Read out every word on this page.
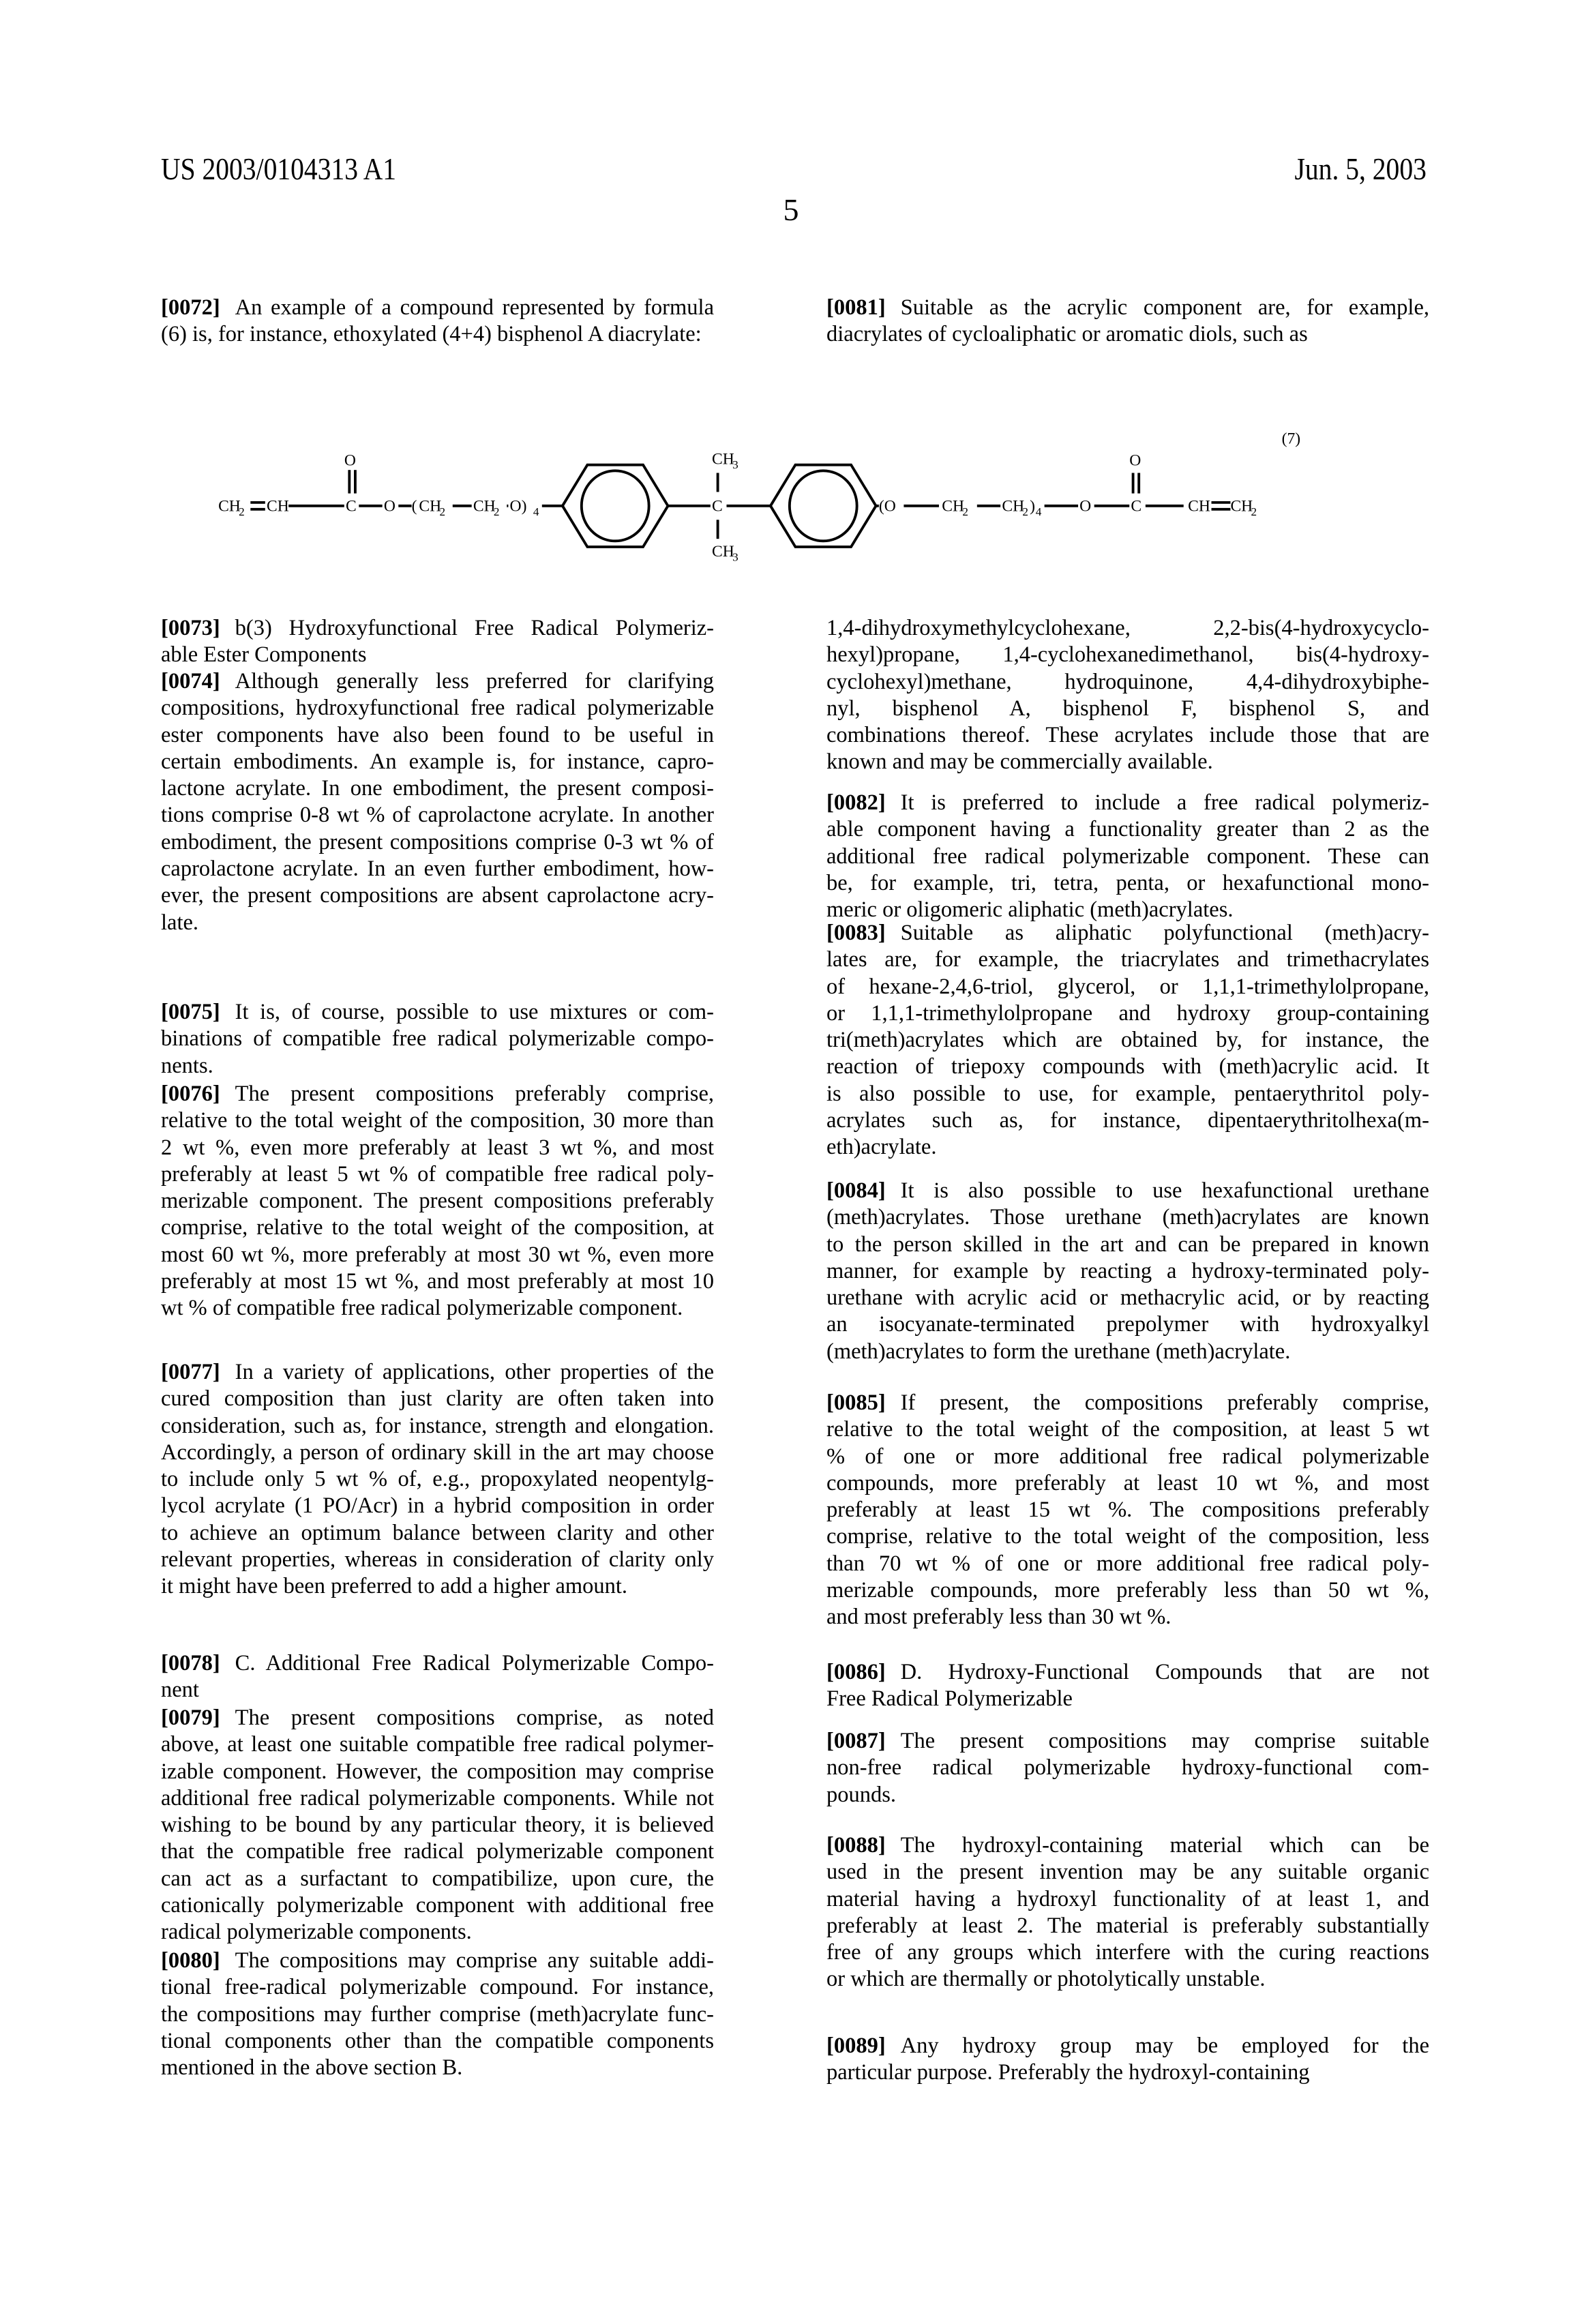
US 2003/0104313 A1	Jun. 5, 2003
5
[0072] An example of a compound represented by formula
(6) is, for instance, ethoxylated (4+4) bisphenol A diacrylate:
[0073] b(3) Hydroxyfunctional Free Radical Polymeriz-
able Ester Components
[0074] Although generally less preferred for clarifying
compositions, hydroxyfunctional free radical polymerizable
ester components have also been found to be useful in
certain embodiments. An example is, for instance, capro-
lactone acrylate. In one embodiment, the present composi-
tions comprise 0-8 wt % of caprolactone acrylate. In another
embodiment, the present compositions comprise 0-3 wt % of
caprolactone acrylate. In an even further embodiment, how-
ever, the present compositions are absent caprolactone acry-
late.
[0075] It is, of course, possible to use mixtures or com-
binations of compatible free radical polymerizable compo-
nents.
[0076] The present compositions preferably comprise,
relative to the total weight of the composition, 30 more than
2 wt %, even more preferably at least 3 wt %, and most
preferably at least 5 wt % of compatible free radical poly-
merizable component. The present compositions preferably
comprise, relative to the total weight of the composition, at
most 60 wt %, more preferably at most 30 wt %, even more
preferably at most 15 wt %, and most preferably at most 10
wt % of compatible free radical polymerizable component.
[0077] In a variety of applications, other properties of the
cured composition than just clarity are often taken into
consideration, such as, for instance, strength and elongation.
Accordingly, a person of ordinary skill in the art may choose
to include only 5 wt % of, e.g., propoxylated neopentylg-
lycol acrylate (1 PO/Acr) in a hybrid composition in order
to achieve an optimum balance between clarity and other
relevant properties, whereas in consideration of clarity only
it might have been preferred to add a higher amount.
[0078] C. Additional Free Radical Polymerizable Compo-
nent
[0079] The present compositions comprise, as noted
above, at least one suitable compatible free radical polymer-
izable component. However, the composition may comprise
additional free radical polymerizable components. While not
wishing to be bound by any particular theory, it is believed
that the compatible free radical polymerizable component
can act as a surfactant to compatibilize, upon cure, the
cationically polymerizable component with additional free
radical polymerizable components.
[0080] The compositions may comprise any suitable addi-
tional free-radical polymerizable compound. For instance,
the compositions may further comprise (meth)acrylate func-
tional components other than the compatible components
mentioned in the above section B.
[0081] Suitable as the acrylic component are, for example,
diacrylates of cycloaliphatic or aromatic diols, such as
1,4-dihydroxymethylcyclohexane, 2,2-bis(4-hydroxycyclo-
hexyl)propane, 1,4-cyclohexanedimethanol, bis(4-hydroxy-
cyclohexyl)methane, hydroquinone, 4,4-dihydroxybiphe-
nyl, bisphenol A, bisphenol F, bisphenol S, and
combinations thereof. These acrylates include those that are
known and may be commercially available.
[0082] It is preferred to include a free radical polymeriz-
able component having a functionality greater than 2 as the
additional free radical polymerizable component. These can
be, for example, tri, tetra, penta, or hexafunctional mono-
meric or oligomeric aliphatic (meth)acrylates.
[0083] Suitable as aliphatic polyfunctional (meth)acry-
lates are, for example, the triacrylates and trimethacrylates
of hexane-2,4,6-triol, glycerol, or 1,1,1-trimethylolpropane,
or 1,1,1-trimethylolpropane and hydroxy group-containing
tri(meth)acrylates which are obtained by, for instance, the
reaction of triepoxy compounds with (meth)acrylic acid. It
is also possible to use, for example, pentaerythritol poly-
acrylates such as, for instance, dipentaerythritolhexa(m-
eth)acrylate.
[0084] It is also possible to use hexafunctional urethane
(meth)acrylates. Those urethane (meth)acrylates are known
to the person skilled in the art and can be prepared in known
manner, for example by reacting a hydroxy-terminated poly-
urethane with acrylic acid or methacrylic acid, or by reacting
an isocyanate-terminated prepolymer with hydroxyalkyl
(meth)acrylates to form the urethane (meth)acrylate.
[0085] If present, the compositions preferably comprise,
relative to the total weight of the composition, at least 5 wt
% of one or more additional free radical polymerizable
compounds, more preferably at least 10 wt %, and most
preferably at least 15 wt %. The compositions preferably
comprise, relative to the total weight of the composition, less
than 70 wt % of one or more additional free radical poly-
merizable compounds, more preferably less than 50 wt %,
and most preferably less than 30 wt %.
[0086] D. Hydroxy-Functional Compounds that are not
Free Radical Polymerizable
[0087] The present compositions may comprise suitable
non-free radical polymerizable hydroxy-functional com-
pounds.
[0088] The hydroxyl-containing material which can be
used in the present invention may be any suitable organic
material having a hydroxyl functionality of at least 1, and
preferably at least 2. The material is preferably substantially
free of any groups which interfere with the curing reactions
or which are thermally or photolytically unstable.
[0089] Any hydroxy group may be employed for the
particular purpose. Preferably the hydroxyl-containing
CH
2	CH	C
O
O ( CH
2	CH
2 O) 4	C
CH
3
CH
3
(O	CH
2	CH
2 ) 4	O	C
O
CH	CH
2
(7)
